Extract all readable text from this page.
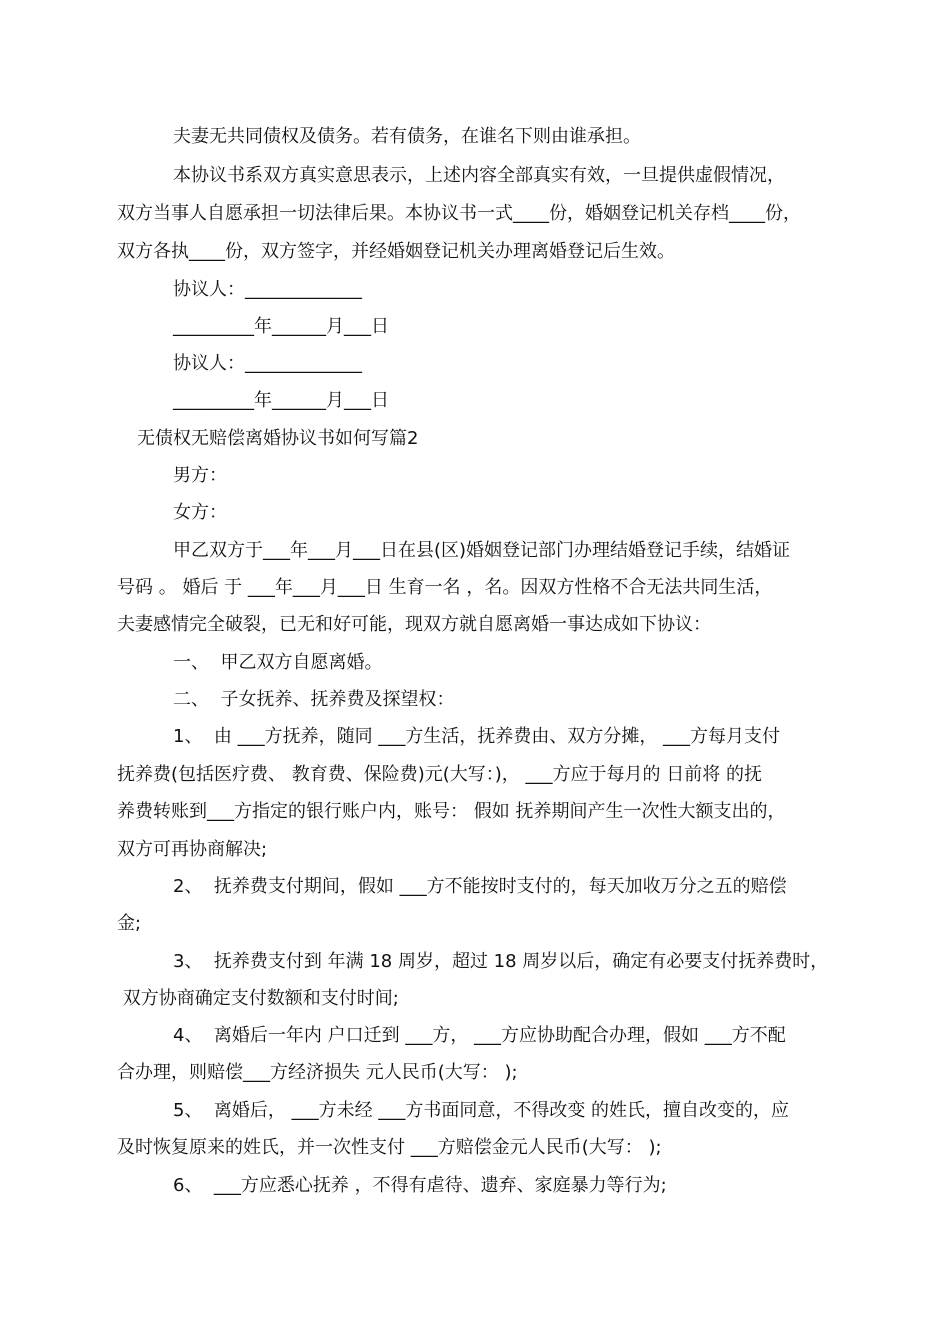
夫妻无共同债权及债务。若有债务，在谁名下则由谁承担。
本协议书系双方真实意思表示，上述内容全部真实有效，一旦提供虚假情况，
双方当事人自愿承担一切法律后果。本协议书一式____份，婚姻登记机关存档____份，
双方各执____份，双方签字，并经婚姻登记机关办理离婚登记后生效。
协议人：_____________
_________年______月___日
协议人：_____________
_________年______月___日
无债权无赔偿离婚协议书如何写篇2
男方：
女方：
甲乙双方于___年___月___日在县(区)婚姻登记部门办理结婚登记手续，结婚证
号码 。 婚后 于 ___年___月___日 生育一名 ，名。因双方性格不合无法共同生活，
夫妻感情完全破裂，已无和好可能，现双方就自愿离婚一事达成如下协议：
一、  甲乙双方自愿离婚。
二、  子女抚养、抚养费及探望权：
1、  由 ___方抚养，随同 ___方生活，抚养费由、双方分摊， ___方每月支付
抚养费(包括医疗费、 教育费、保险费)元(大写：)， ___方应于每月的 日前将 的抚
养费转账到___方指定的银行账户内，账号： 假如 抚养期间产生一次性大额支出的，
双方可再协商解决;
2、  抚养费支付期间，假如 ___方不能按时支付的，每天加收万分之五的赔偿
金;
3、  抚养费支付到 年满 18 周岁，超过 18 周岁以后，确定有必要支付抚养费时，
双方协商确定支付数额和支付时间;
4、  离婚后一年内 户口迁到 ___方， ___方应协助配合办理，假如 ___方不配
合办理，则赔偿___方经济损失 元人民币(大写： );
5、  离婚后， ___方未经 ___方书面同意，不得改变 的姓氏，擅自改变的，应
及时恢复原来的姓氏，并一次性支付 ___方赔偿金元人民币(大写： );
6、  ___方应悉心抚养 ，不得有虐待、遗弃、家庭暴力等行为;
